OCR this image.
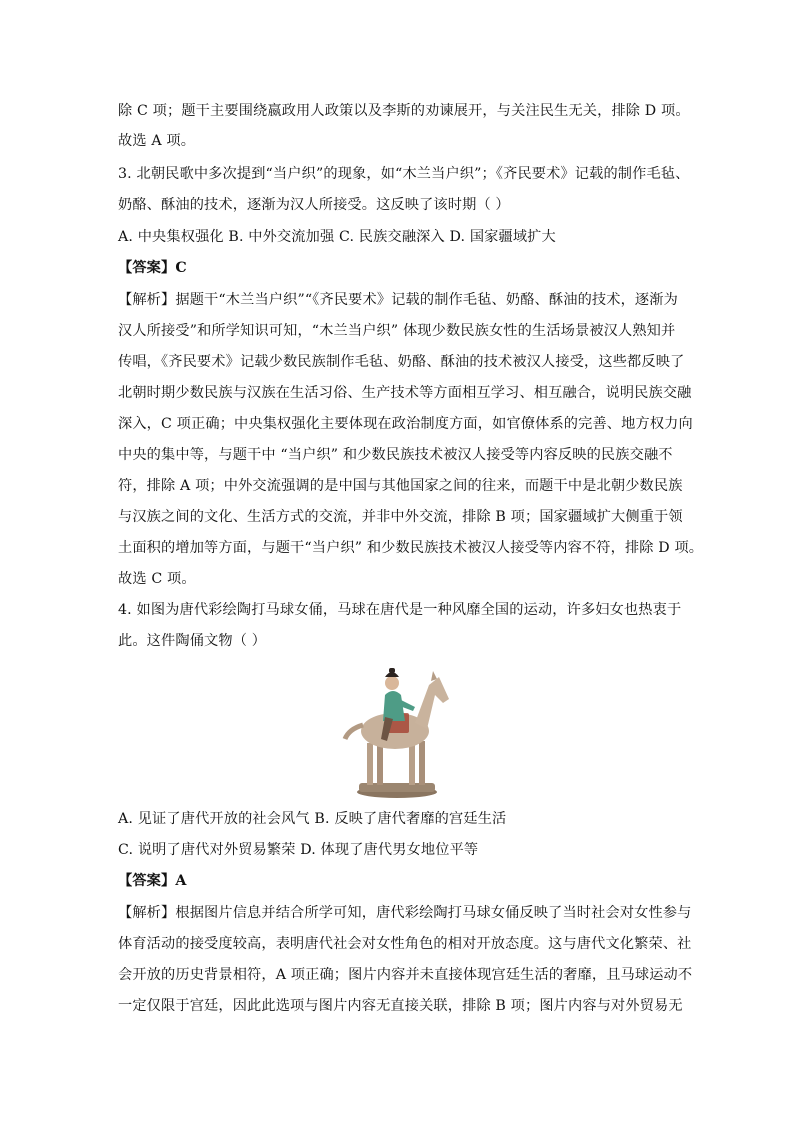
除 C 项；题干主要围绕嬴政用人政策以及李斯的劝谏展开，与关注民生无关，排除 D 项。
故选 A 项。
3. 北朝民歌中多次提到“当户织”的现象，如“木兰当户织”；《齐民要术》记载的制作毛毡、
奶酪、酥油的技术，逐渐为汉人所接受。这反映了该时期（ ）
A. 中央集权强化 B. 中外交流加强 C. 民族交融深入 D. 国家疆域扩大
【答案】C
【解析】据题干“木兰当户织”“《齐民要术》记载的制作毛毡、奶酪、酥油的技术，逐渐为
汉人所接受”和所学知识可知，“木兰当户织” 体现少数民族女性的生活场景被汉人熟知并
传唱，《齐民要术》记载少数民族制作毛毡、奶酪、酥油的技术被汉人接受，这些都反映了
北朝时期少数民族与汉族在生活习俗、生产技术等方面相互学习、相互融合，说明民族交融
深入，C 项正确；中央集权强化主要体现在政治制度方面，如官僚体系的完善、地方权力向
中央的集中等，与题干中 “当户织” 和少数民族技术被汉人接受等内容反映的民族交融不
符，排除 A 项；中外交流强调的是中国与其他国家之间的往来，而题干中是北朝少数民族
与汉族之间的文化、生活方式的交流，并非中外交流，排除 B 项；国家疆域扩大侧重于领
土面积的增加等方面，与题干“当户织” 和少数民族技术被汉人接受等内容不符，排除 D 项。
故选 C 项。
4. 如图为唐代彩绘陶打马球女俑，马球在唐代是一种风靡全国的运动，许多妇女也热衷于
此。这件陶俑文物（ ）
A. 见证了唐代开放的社会风气 B. 反映了唐代奢靡的宫廷生活
C. 说明了唐代对外贸易繁荣 D. 体现了唐代男女地位平等
【答案】A
【解析】根据图片信息并结合所学可知，唐代彩绘陶打马球女俑反映了当时社会对女性参与
体育活动的接受度较高，表明唐代社会对女性角色的相对开放态度。这与唐代文化繁荣、社
会开放的历史背景相符，A 项正确；图片内容并未直接体现宫廷生活的奢靡，且马球运动不
一定仅限于宫廷，因此此选项与图片内容无直接关联，排除 B 项；图片内容与对外贸易无
